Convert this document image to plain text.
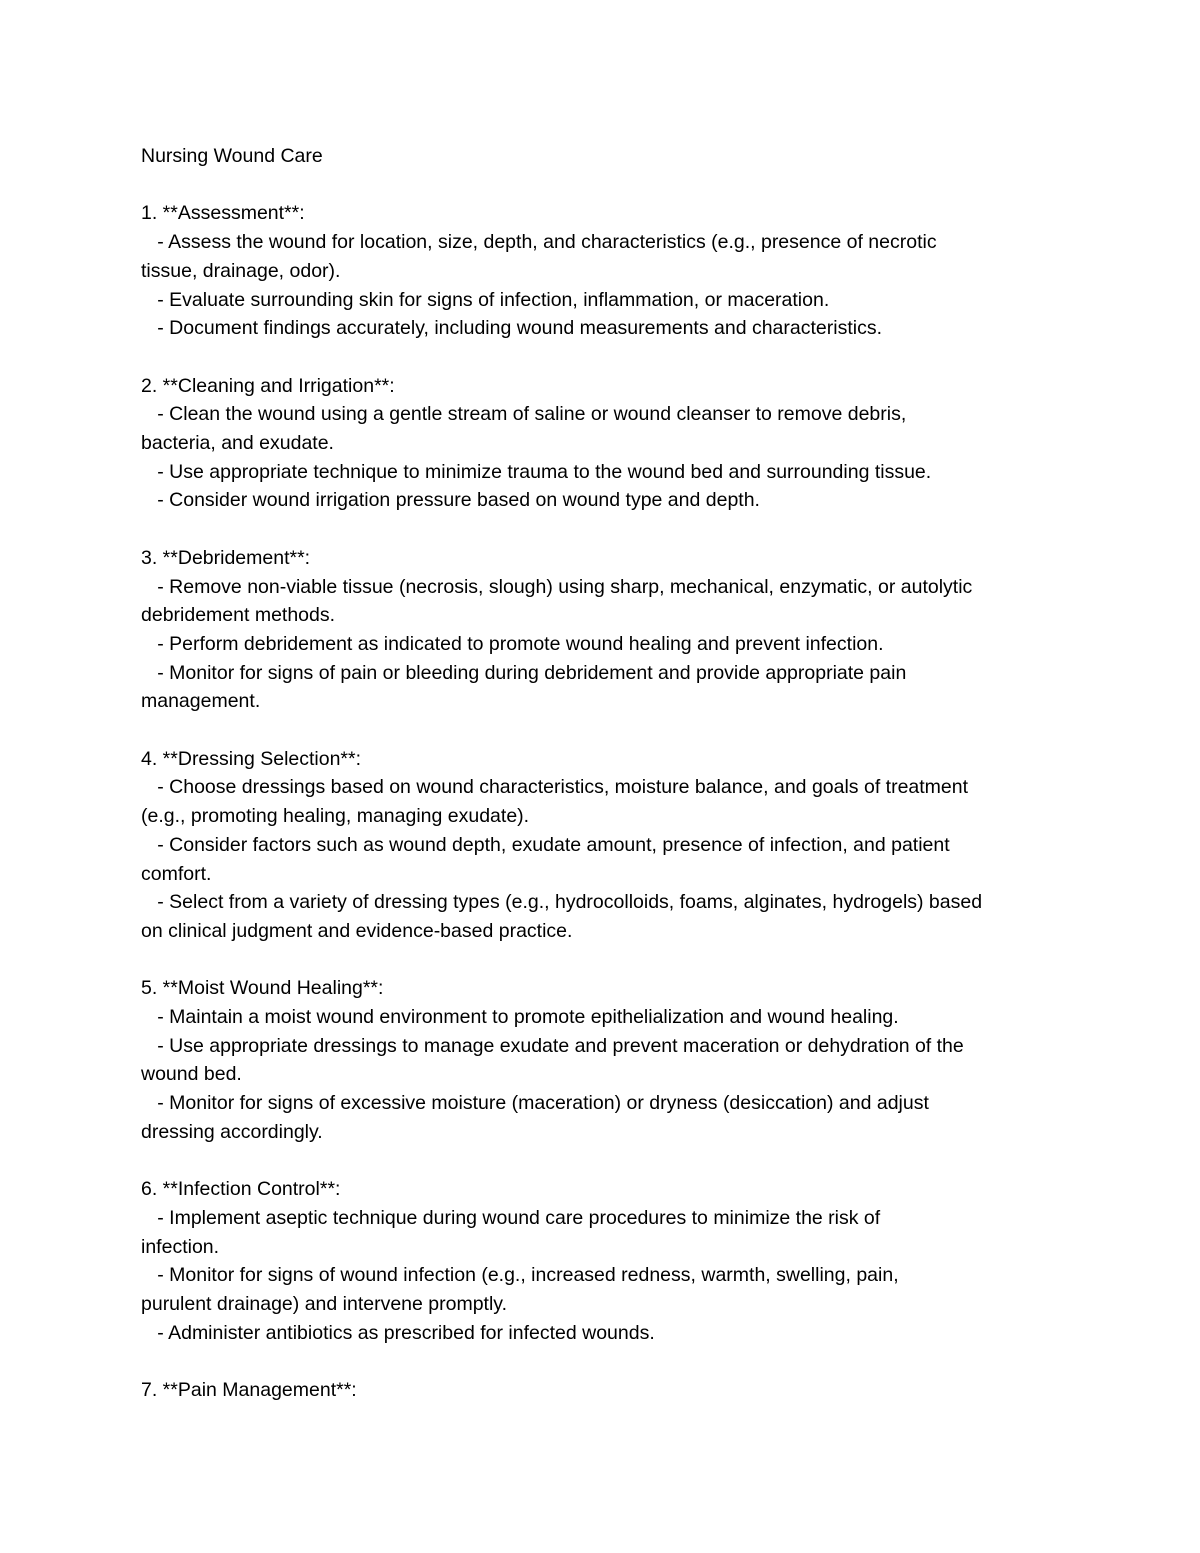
Nursing Wound Care

1. **Assessment**:

- Assess the wound for location, size, depth, and characteristics (e.g., presence of necrotic

tissue, drainage, odor).

- Evaluate surrounding skin for signs of infection, inflammation, or maceration.

- Document findings accurately, including wound measurements and characteristics.

2. **Cleaning and Irrigation**:

- Clean the wound using a gentle stream of saline or wound cleanser to remove debris,

bacteria, and exudate.

- Use appropriate technique to minimize trauma to the wound bed and surrounding tissue.

- Consider wound irrigation pressure based on wound type and depth.

3. **Debridement**:

- Remove non-viable tissue (necrosis, slough) using sharp, mechanical, enzymatic, or autolytic

debridement methods.

- Perform debridement as indicated to promote wound healing and prevent infection.

- Monitor for signs of pain or bleeding during debridement and provide appropriate pain

management.

4. **Dressing Selection**:

- Choose dressings based on wound characteristics, moisture balance, and goals of treatment

(e.g., promoting healing, managing exudate).

- Consider factors such as wound depth, exudate amount, presence of infection, and patient

comfort.

- Select from a variety of dressing types (e.g., hydrocolloids, foams, alginates, hydrogels) based

on clinical judgment and evidence-based practice.

5. **Moist Wound Healing**:

- Maintain a moist wound environment to promote epithelialization and wound healing.

- Use appropriate dressings to manage exudate and prevent maceration or dehydration of the

wound bed.

- Monitor for signs of excessive moisture (maceration) or dryness (desiccation) and adjust

dressing accordingly.

6. **Infection Control**:

- Implement aseptic technique during wound care procedures to minimize the risk of

infection.

- Monitor for signs of wound infection (e.g., increased redness, warmth, swelling, pain,

purulent drainage) and intervene promptly.

- Administer antibiotics as prescribed for infected wounds.

7. **Pain Management**:
